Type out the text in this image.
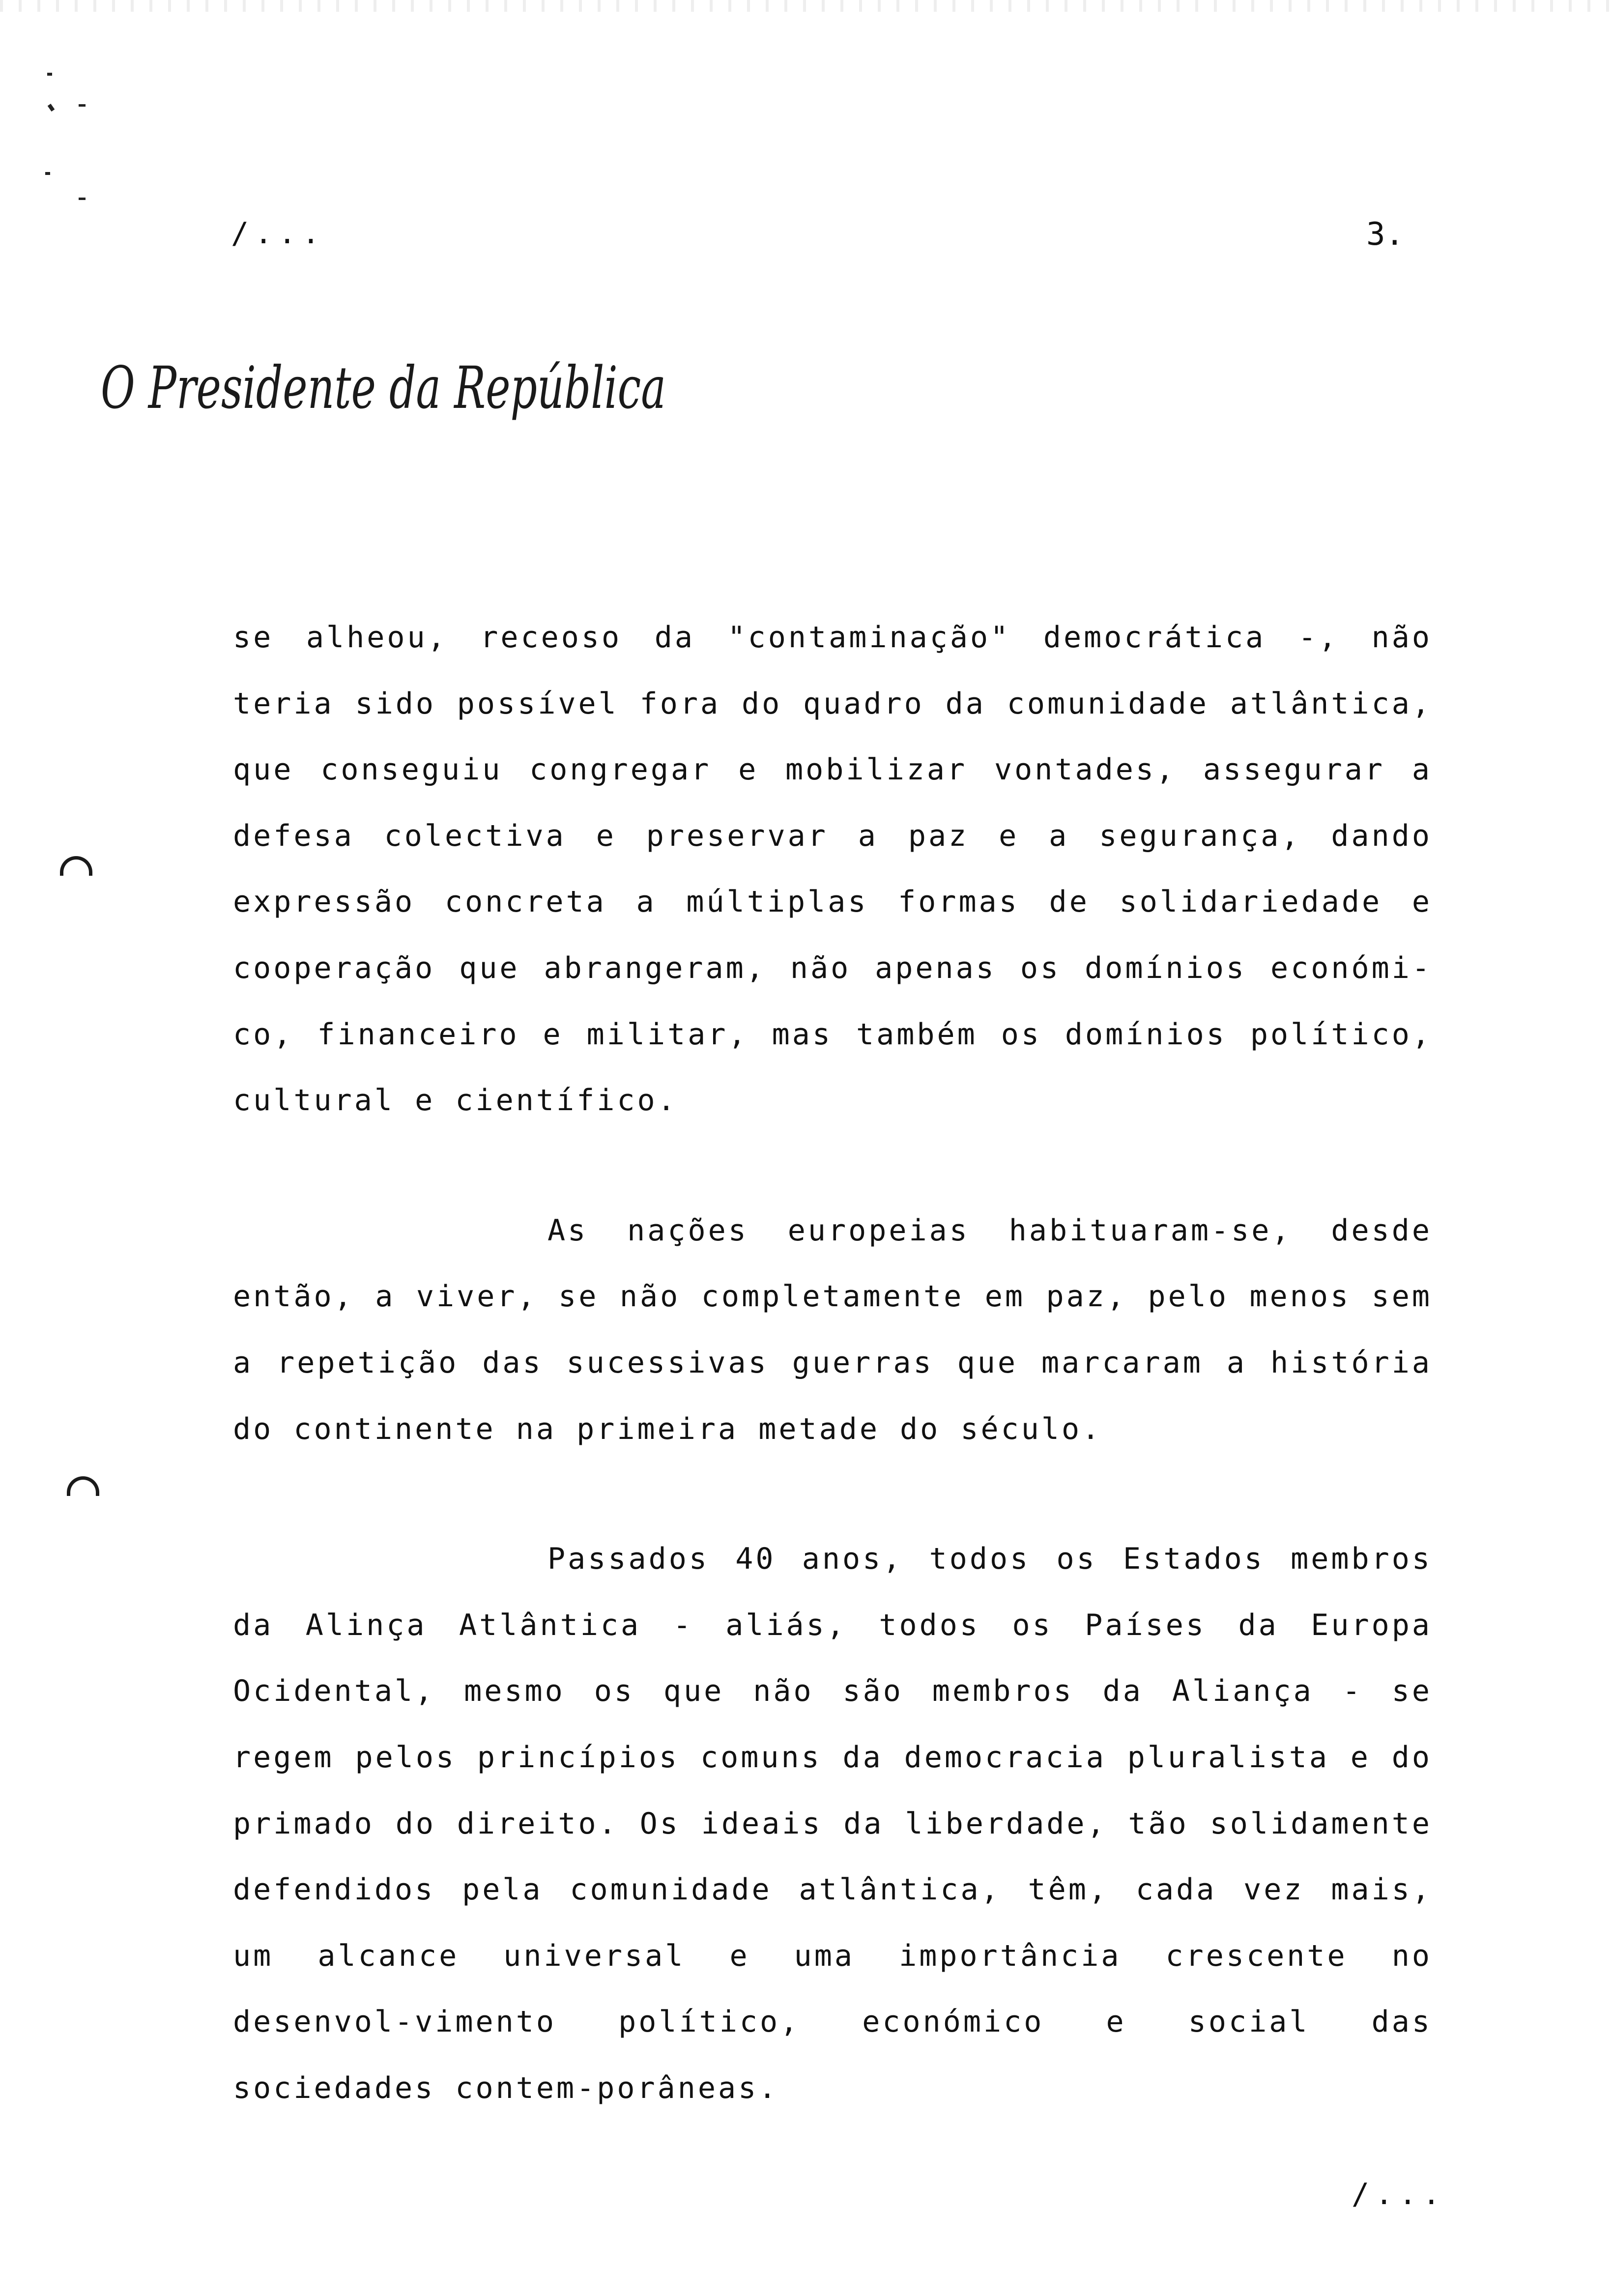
/...	3.
O Presidente da República

se alheou, receoso da "contaminação" democrática -, não teria sido possível fora do quadro da comunidade atlântica, que conseguiu congregar e mobilizar vontades, assegurar a defesa colectiva e preservar a paz e a segurança, dando expressão concreta a múltiplas formas de solidariedade e cooperação que abrangeram, não apenas os domínios económi-co, financeiro e militar, mas também os domínios político, cultural e científico.

As nações europeias habituaram-se, desde então, a viver, se não completamente em paz, pelo menos sem a repetição das sucessivas guerras que marcaram a história do continente na primeira metade do século.

Passados 40 anos, todos os Estados membros da Alinça Atlântica - aliás, todos os Países da Europa Ocidental, mesmo os que não são membros da Aliança - se regem pelos princípios comuns da democracia pluralista e do primado do direito. Os ideais da liberdade, tão solidamente defendidos pela comunidade atlântica, têm, cada vez mais, um alcance universal e uma importância crescente no desenvol-vimento político, económico e social das sociedades contem-porâneas.

/...
